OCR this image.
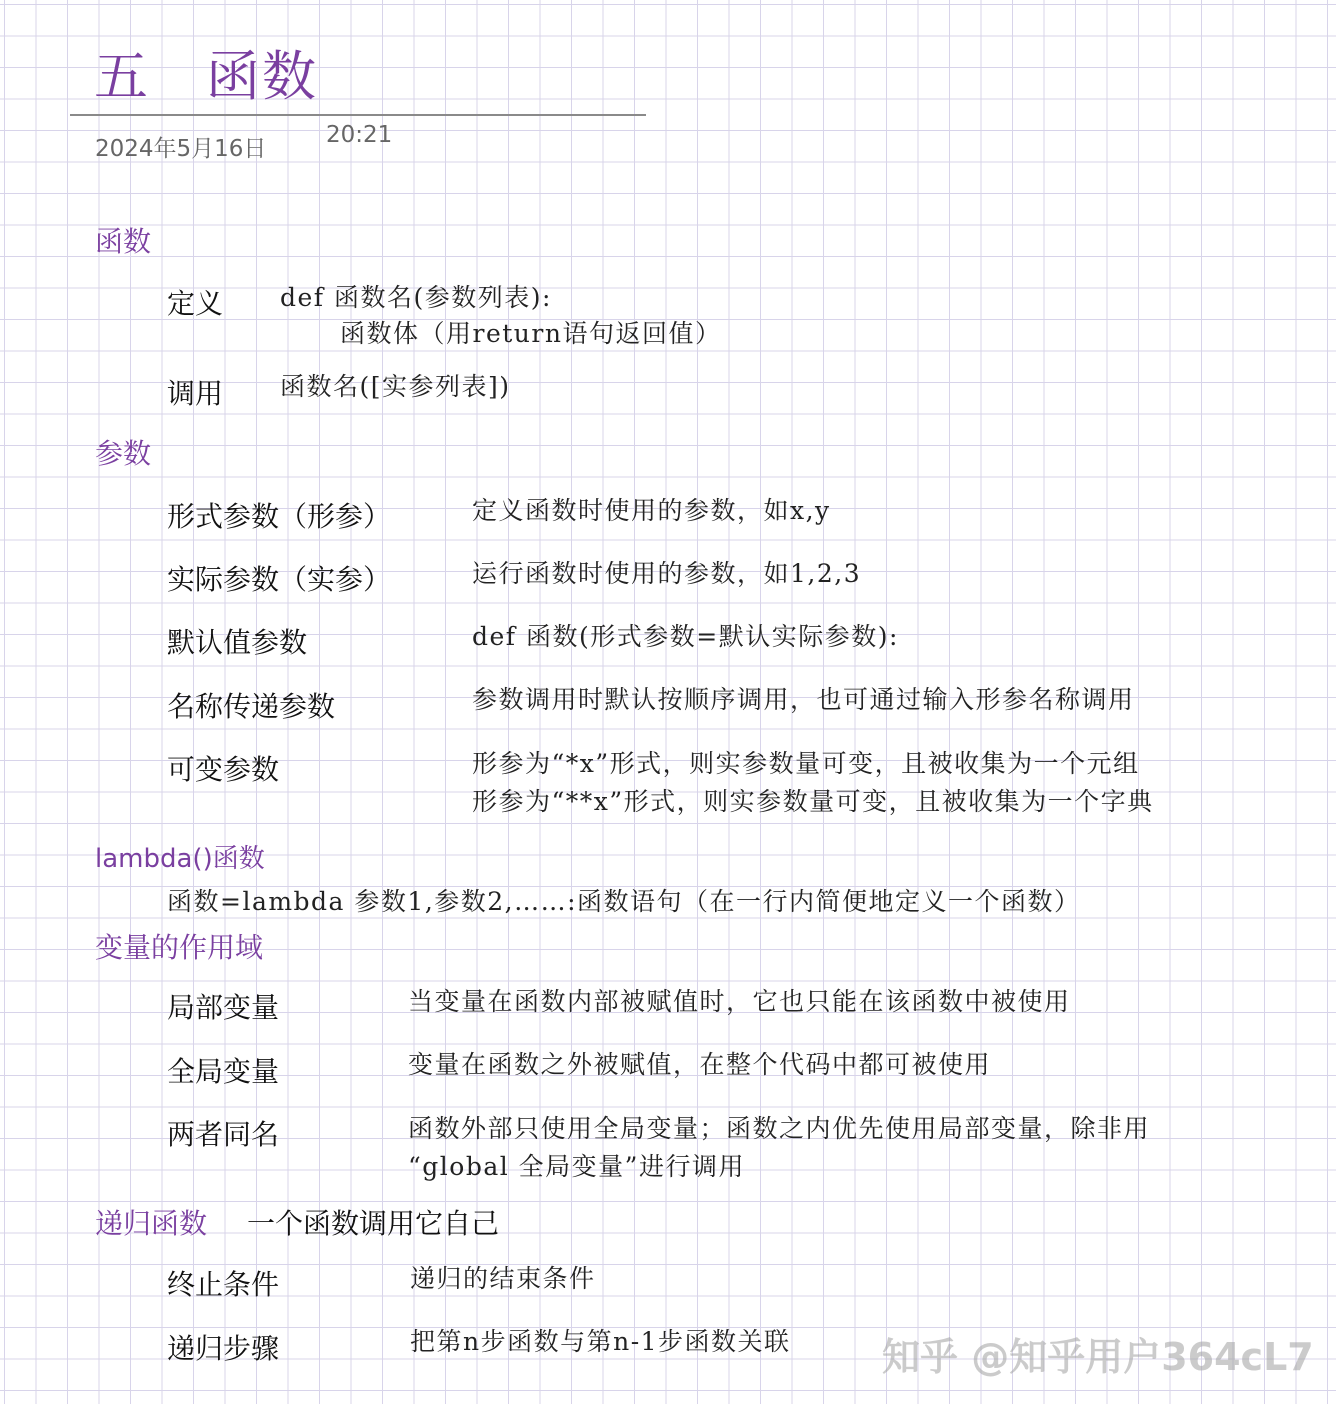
五　函数
2024年5月16日
20:21
函数
定义 def 函数名(参数列表):
函数体（用return语句返回值）
调用 函数名([实参列表])
参数
形式参数（形参）	定义函数时使用的参数，如x,y
实际参数（实参）	运行函数时使用的参数，如1,2,3
默认值参数	def 函数(形式参数=默认实际参数):
名称传递参数	参数调用时默认按顺序调用，也可通过输入形参名称调用
可变参数	形参为“*x”形式，则实参数量可变，且被收集为一个元组
形参为“**x”形式，则实参数量可变，且被收集为一个字典
lambda()函数
函数=lambda 参数1,参数2,……:函数语句（在一行内简便地定义一个函数）
变量的作用域
局部变量	当变量在函数内部被赋值时，它也只能在该函数中被使用
全局变量	变量在函数之外被赋值，在整个代码中都可被使用
两者同名	函数外部只使用全局变量；函数之内优先使用局部变量，除非用
“global 全局变量”进行调用
递归函数 一个函数调用它自己
终止条件	递归的结束条件
递归步骤	把第n步函数与第n-1步函数关联 知乎 @知乎用户364cL7
